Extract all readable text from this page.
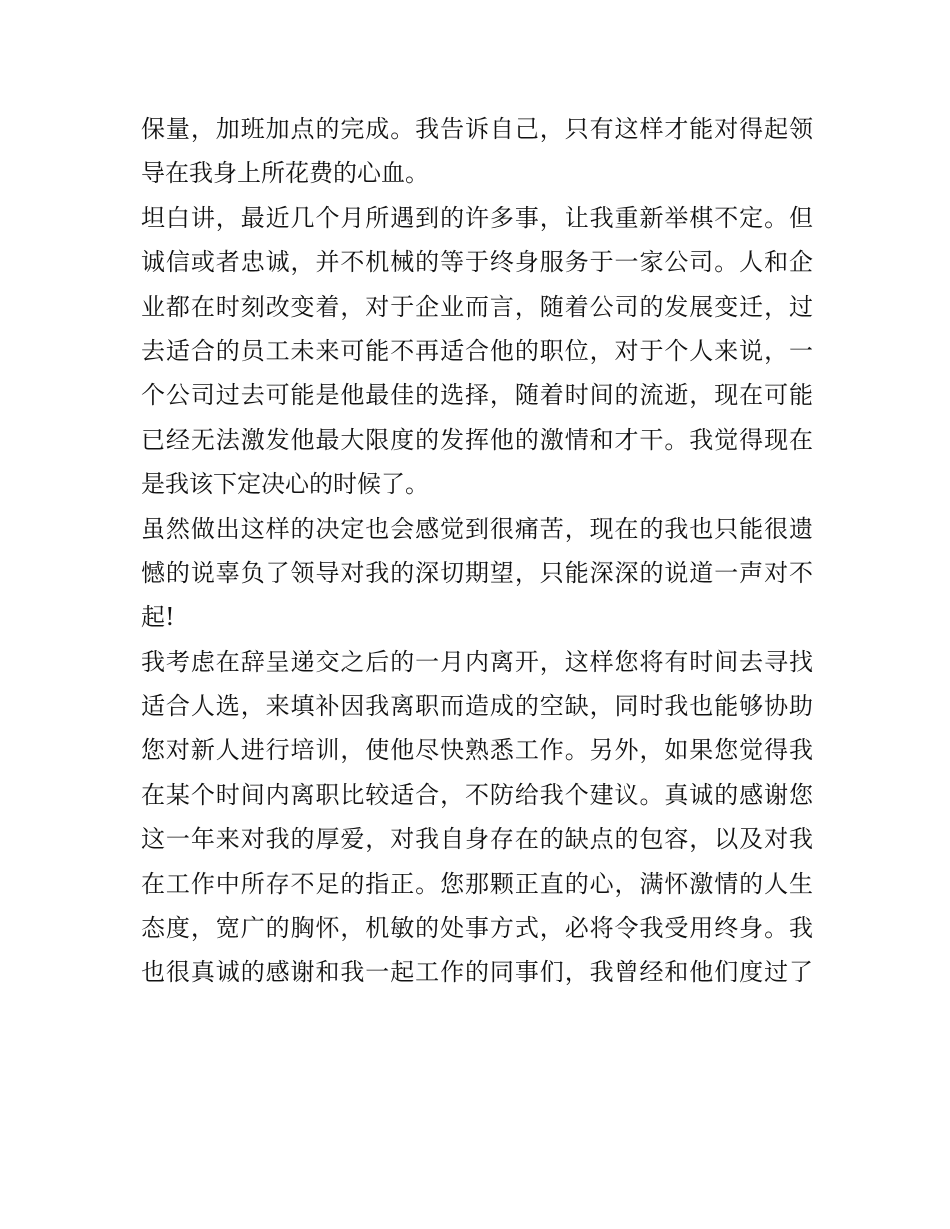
保量，加班加点的完成。我告诉自己，只有这样才能对得起领
导在我身上所花费的心血。
坦白讲，最近几个月所遇到的许多事，让我重新举棋不定。但
诚信或者忠诚，并不机械的等于终身服务于一家公司。人和企
业都在时刻改变着，对于企业而言，随着公司的发展变迁，过
去适合的员工未来可能不再适合他的职位，对于个人来说，一
个公司过去可能是他最佳的选择，随着时间的流逝，现在可能
已经无法激发他最大限度的发挥他的激情和才干。我觉得现在
是我该下定决心的时候了。
虽然做出这样的决定也会感觉到很痛苦，现在的我也只能很遗
憾的说辜负了领导对我的深切期望，只能深深的说道一声对不
起!
我考虑在辞呈递交之后的一月内离开，这样您将有时间去寻找
适合人选，来填补因我离职而造成的空缺，同时我也能够协助
您对新人进行培训，使他尽快熟悉工作。另外，如果您觉得我
在某个时间内离职比较适合，不防给我个建议。真诚的感谢您
这一年来对我的厚爱，对我自身存在的缺点的包容，以及对我
在工作中所存不足的指正。您那颗正直的心，满怀激情的人生
态度，宽广的胸怀，机敏的处事方式，必将令我受用终身。我
也很真诚的感谢和我一起工作的同事们，我曾经和他们度过了
